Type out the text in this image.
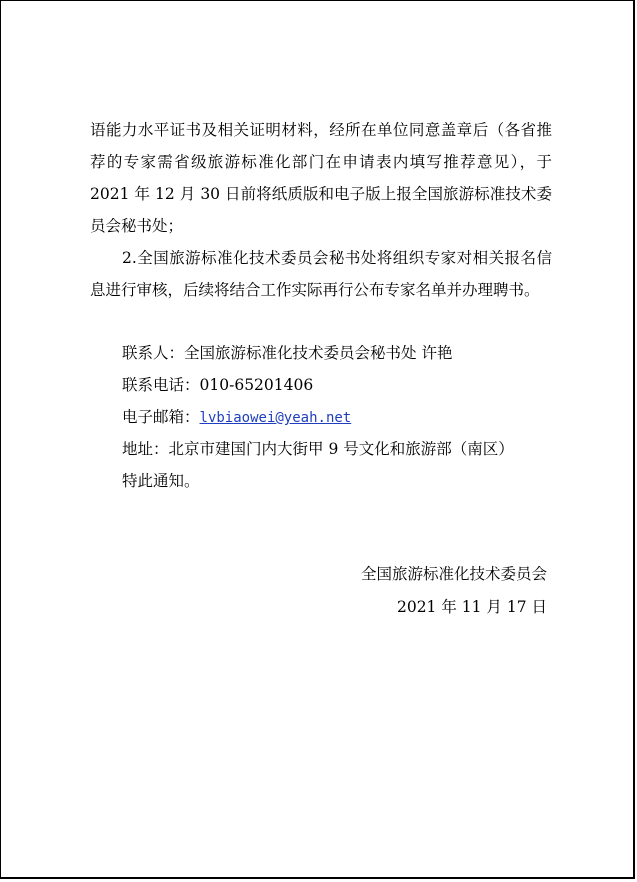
语能力水平证书及相关证明材料，经所在单位同意盖章后（各省推荐的专家需省级旅游标准化部门在申请表内填写推荐意见），于 2021 年 12 月 30 日前将纸质版和电子版上报全国旅游标准技术委员会秘书处；

2.全国旅游标准化技术委员会秘书处将组织专家对相关报名信息进行审核，后续将结合工作实际再行公布专家名单并办理聘书。

联系人：全国旅游标准化技术委员会秘书处 许艳

联系电话：010-65201406

电子邮箱：lvbiaowei@yeah.net

地址：北京市建国门内大街甲 9 号文化和旅游部（南区）

特此通知。

全国旅游标准化技术委员会

2021 年 11 月 17 日
